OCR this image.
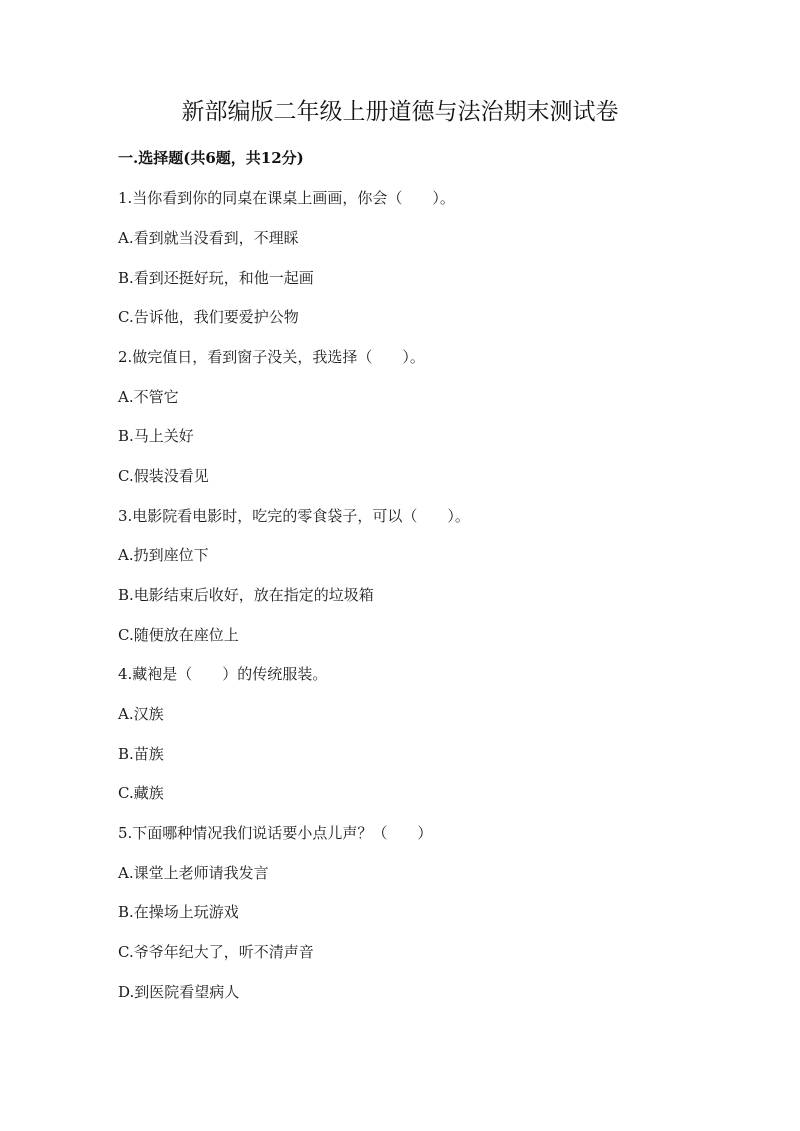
新部编版二年级上册道德与法治期末测试卷
一.选择题(共6题，共12分)
1.当你看到你的同桌在课桌上画画，你会（　　）。
A.看到就当没看到，不理睬
B.看到还挺好玩，和他一起画
C.告诉他，我们要爱护公物
2.做完值日，看到窗子没关，我选择（　　）。
A.不管它
B.马上关好
C.假装没看见
3.电影院看电影时，吃完的零食袋子，可以（　　）。
A.扔到座位下
B.电影结束后收好，放在指定的垃圾箱
C.随便放在座位上
4.藏袍是（　　）的传统服装。
A.汉族
B.苗族
C.藏族
5.下面哪种情况我们说话要小点儿声？（　　）
A.课堂上老师请我发言
B.在操场上玩游戏
C.爷爷年纪大了，听不清声音
D.到医院看望病人
